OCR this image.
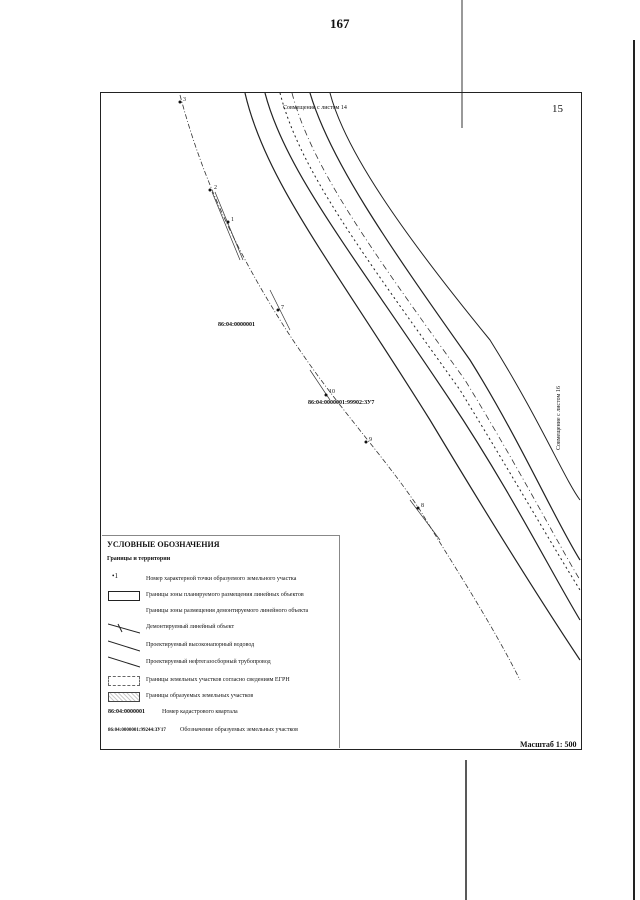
167
15
Совмещение с листом 14
Совмещение с листом 16
3
2
1
7
10
9
8
86:04:0000001
86:04:0000001:99902:ЗУ7
УСЛОВНЫЕ ОБОЗНАЧЕНИЯ
Границы и территории
•1	Номер характерной точки образуемого земельного участка
Границы зоны планируемого размещения линейных объектов
Границы зоны размещения демонтируемого линейного объекта
Демонтируемый линейный объект
Проектируемый высоконапорный водовод
Проектируемый нефтегазосборный трубопровод
Границы земельных участков согласно сведениям ЕГРН
Границы образуемых земельных участков
86:04:0000001	Номер кадастрового квартала
86:04:0000001:99244:ЗУ17 Обозначение образуемых земельных участков
Масштаб 1: 500
